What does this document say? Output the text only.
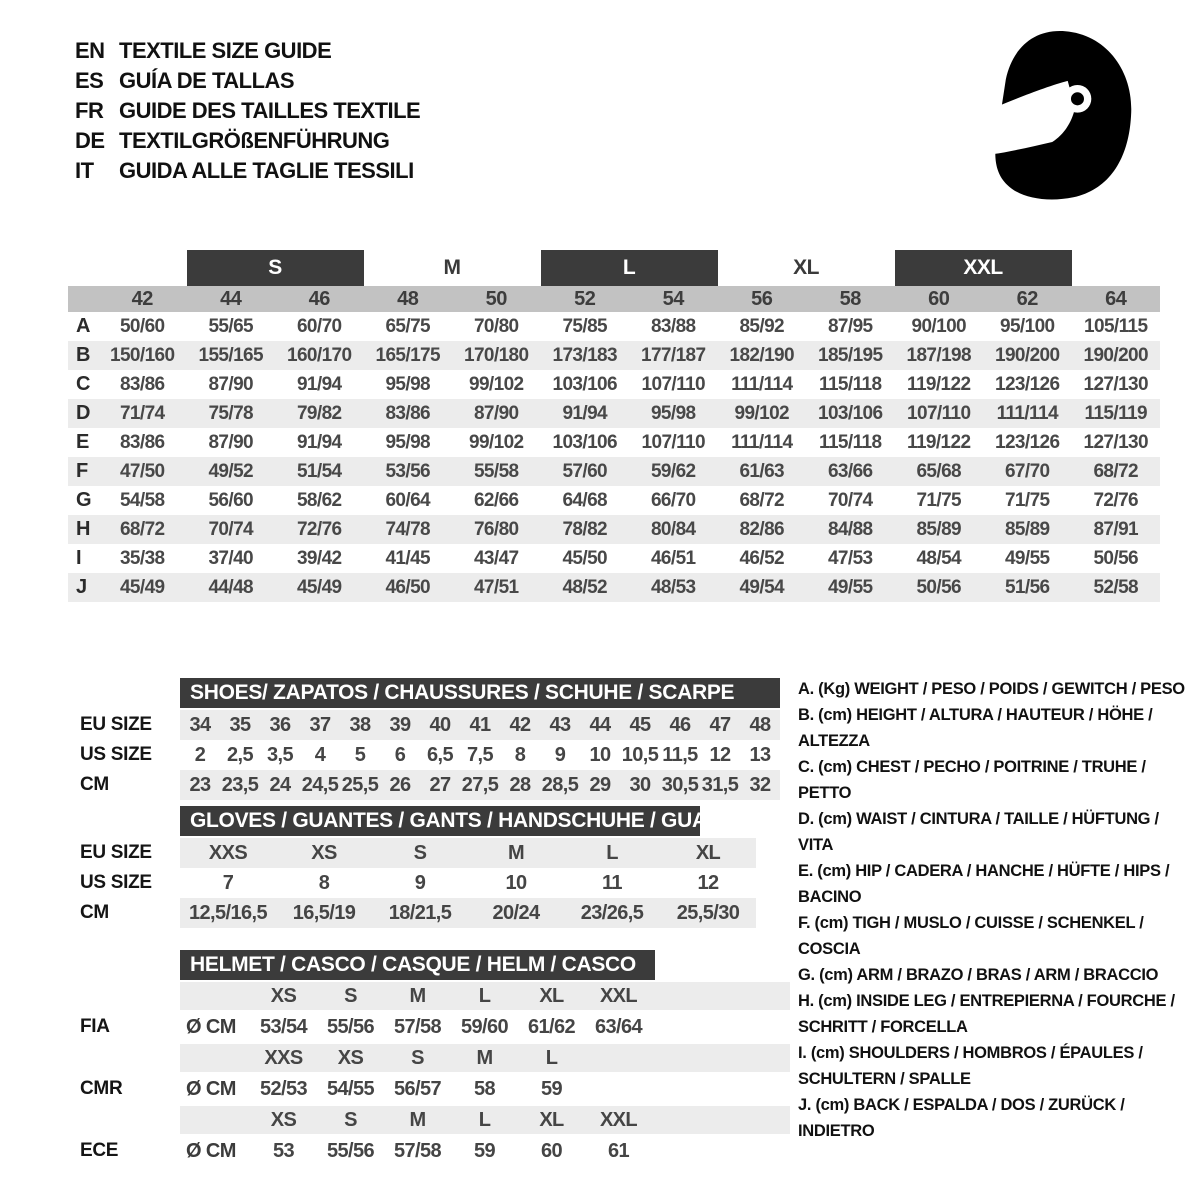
EN TEXTILE SIZE GUIDE
ES GUÍA DE TALLAS
FR GUIDE DES TAILLES TEXTILE
DE TEXTILGRÖßENFÜHRUNG
IT	GUIDA ALLE TAGLIE TESSILI
S	M	L	XL	XXL
42	44	46	48	50	52	54	56	58	60	62	64
A	50/60	55/65	60/70	65/75	70/80	75/85	83/88	85/92	87/95	90/100	95/100	105/115
B	150/160	155/165	160/170	165/175	170/180	173/183	177/187	182/190	185/195	187/198	190/200	190/200
C	83/86	87/90	91/94	95/98	99/102	103/106	107/110	111/114	115/118	119/122	123/126	127/130
D	71/74	75/78	79/82	83/86	87/90	91/94	95/98	99/102	103/106	107/110	111/114	115/119
E	83/86	87/90	91/94	95/98	99/102	103/106	107/110	111/114	115/118	119/122	123/126	127/130
F	47/50	49/52	51/54	53/56	55/58	57/60	59/62	61/63	63/66	65/68	67/70	68/72
G	54/58	56/60	58/62	60/64	62/66	64/68	66/70	68/72	70/74	71/75	71/75	72/76
H	68/72	70/74	72/76	74/78	76/80	78/82	80/84	82/86	84/88	85/89	85/89	87/91
I	35/38	37/40	39/42	41/45	43/47	45/50	46/51	46/52	47/53	48/54	49/55	50/56
J	45/49	44/48	45/49	46/50	47/51	48/52	48/53	49/54	49/55	50/56	51/56	52/58
SHOES/ ZAPATOS / CHAUSSURES / SCHUHE / SCARPE
EU SIZE	34 35 36 37 38 39 40 41 42 43 44 45 46 47 48
US SIZE	2	2,5 3,5	4	5	6	6,5 7,5	8	9	10 10,5 11,5 12 13
CM	23 23,5 24 24,5 25,5 26 27 27,5 28 28,5 29 30 30,5 31,5 32
GLOVES / GUANTES / GANTS / HANDSCHUHE / GUANTI
EU SIZE	XXS	XS	S	M	L	XL
US SIZE	7	8	9	10	11	12
CM	12,5/16,5	16,5/19	18/21,5	20/24	23/26,5	25,5/30
HELMET / CASCO / CASQUE / HELM / CASCO
XS	S	M	L	XL	XXL
FIA	Ø CM	53/54 55/56 57/58 59/60 61/62 63/64
XXS	XS	S	M	L
CMR	Ø CM	52/53 54/55 56/57	58	59
XS	S	M	L	XL	XXL
ECE	Ø CM	53	55/56 57/58	59	60	61
A. (Kg) WEIGHT / PESO / POIDS / GEWITCH / PESO
B. (cm) HEIGHT / ALTURA / HAUTEUR / HÖHE / ALTEZZA
C. (cm) CHEST / PECHO / POITRINE / TRUHE / PETTO
D. (cm) WAIST / CINTURA / TAILLE / HÜFTUNG / VITA
E. (cm) HIP / CADERA / HANCHE / HÜFTE / HIPS / BACINO
F. (cm) TIGH / MUSLO / CUISSE / SCHENKEL / COSCIA
G. (cm) ARM / BRAZO / BRAS / ARM / BRACCIO
H. (cm) INSIDE LEG / ENTREPIERNA / FOURCHE / SCHRITT / FORCELLA
I. (cm) SHOULDERS / HOMBROS / ÉPAULES / SCHULTERN / SPALLE
J. (cm) BACK / ESPALDA / DOS / ZURÜCK / INDIETRO
